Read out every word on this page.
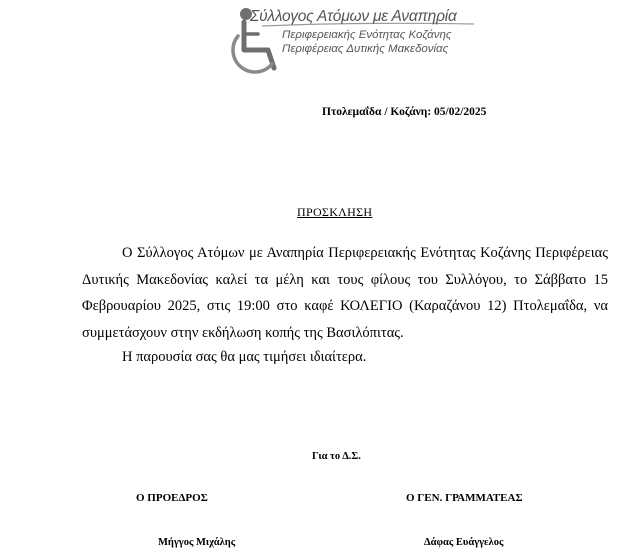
Σύλλογος Ατόμων με Αναπηρία
Περιφερειακής Ενότητας Κοζάνης
Περιφέρειας Δυτικής Μακεδονίας
Πτολεμαΐδα / Κοζάνη: 05/02/2025
ΠΡΟΣΚΛΗΣΗ

Ο Σύλλογος Ατόμων με Αναπηρία Περιφερειακής Ενότητας Κοζάνης Περιφέρειας Δυτικής Μακεδονίας καλεί τα μέλη και τους φίλους του Συλλόγου, το Σάββατο 15 Φεβρουαρίου 2025, στις 19:00 στο καφέ ΚΟΛΕΓΙΟ (Καραζάνου 12) Πτολεμαΐδα, να συμμετάσχουν στην εκδήλωση κοπής της Βασιλόπιτας.

Η παρουσία σας θα μας τιμήσει ιδιαίτερα.

Για το Δ.Σ.
Ο ΠΡΟΕΔΡΟΣ	Ο ΓΕΝ. ΓΡΑΜΜΑΤΕΑΣ
Μήγγος Μιχάλης	Δάφας Ευάγγελος
